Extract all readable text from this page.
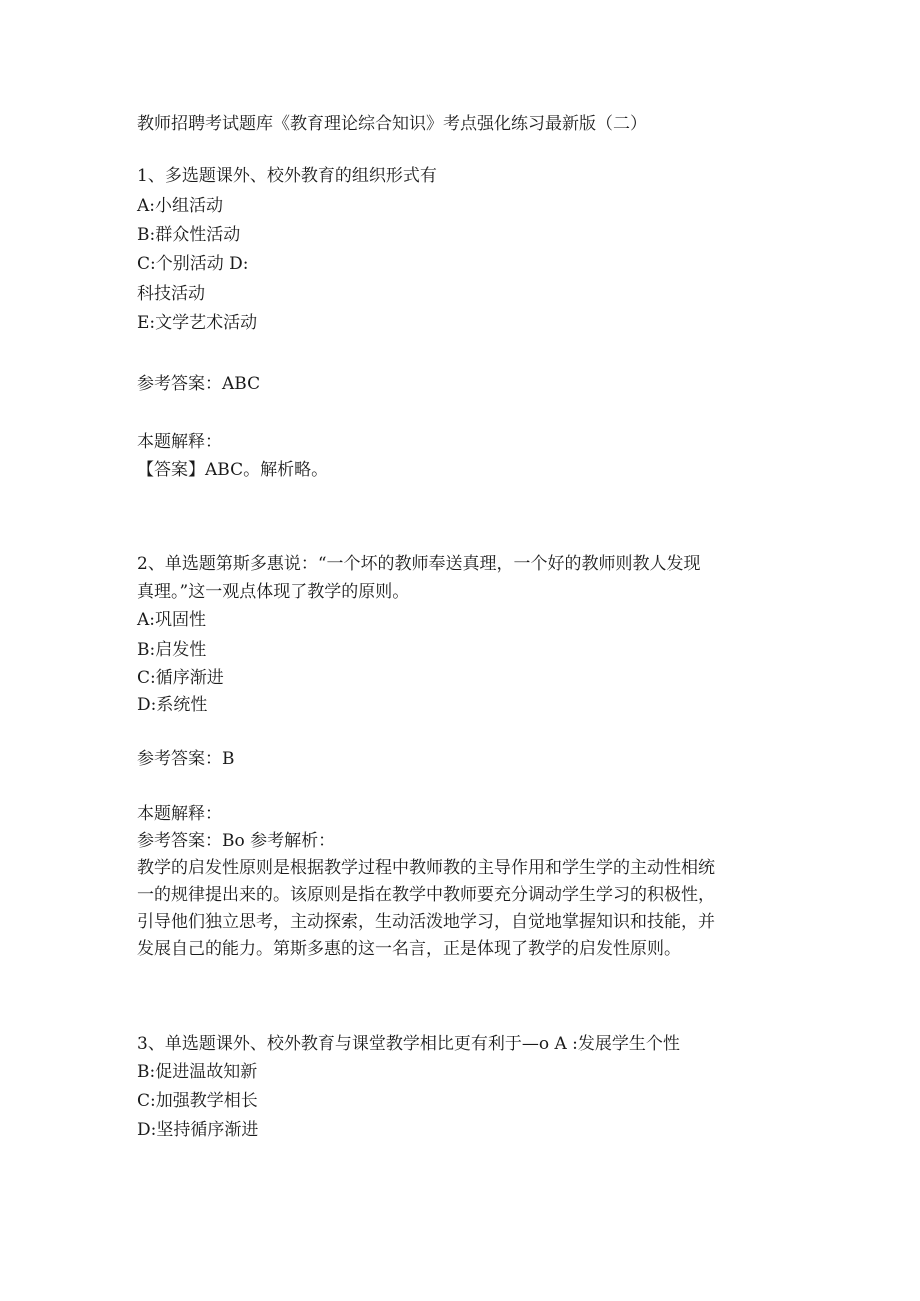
教师招聘考试题库《教育理论综合知识》考点强化练习最新版（二）
1、多选题课外、校外教育的组织形式有
A:小组活动
B:群众性活动
C:个别活动 D:
科技活动
E:文学艺术活动
参考答案：ABC
本题解释：
【答案】ABC。解析略。
2、单选题第斯多惠说：“一个坏的教师奉送真理，一个好的教师则教人发现
真理。”这一观点体现了教学的原则。
A:巩固性
B:启发性
C:循序渐进
D:系统性
参考答案：B
本题解释：
参考答案：Bo 参考解析：
教学的启发性原则是根据教学过程中教师教的主导作用和学生学的主动性相统
一的规律提出来的。该原则是指在教学中教师要充分调动学生学习的积极性，
引导他们独立思考，主动探索，生动活泼地学习，自觉地掌握知识和技能，并
发展自己的能力。第斯多惠的这一名言，正是体现了教学的启发性原则。
3、单选题课外、校外教育与课堂教学相比更有利于—o A :发展学生个性
B:促进温故知新
C:加强教学相长
D:坚持循序渐进
